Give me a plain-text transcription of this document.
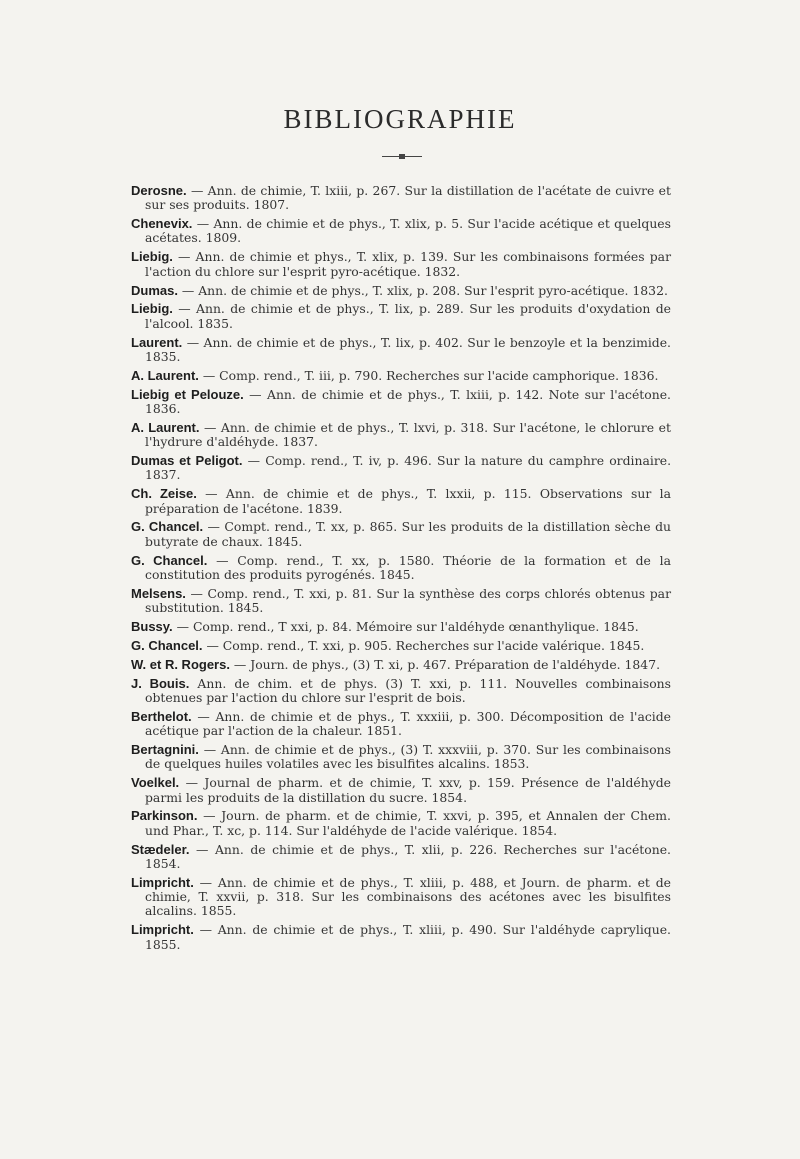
BIBLIOGRAPHIE
Derosne. — Ann. de chimie, T. lxiii, p. 267. Sur la distillation de l'acétate de cuivre et sur ses produits. 1807.
Chenevix. — Ann. de chimie et de phys., T. xlix, p. 5. Sur l'acide acétique et quelques acétates. 1809.
Liebig. — Ann. de chimie et phys., T. xlix, p. 139. Sur les combinaisons formées par l'action du chlore sur l'esprit pyro-acétique. 1832.
Dumas. — Ann. de chimie et de phys., T. xlix, p. 208. Sur l'esprit pyro-acétique. 1832.
Liebig. — Ann. de chimie et de phys., T. lix, p. 289. Sur les produits d'oxydation de l'alcool. 1835.
Laurent. — Ann. de chimie et de phys., T. lix, p. 402. Sur le benzoyle et la benzimide. 1835.
A. Laurent. — Comp. rend., T. iii, p. 790. Recherches sur l'acide camphorique. 1836.
Liebig et Pelouze. — Ann. de chimie et de phys., T. lxiii, p. 142. Note sur l'acétone. 1836.
A. Laurent. — Ann. de chimie et de phys., T. lxvi, p. 318. Sur l'acétone, le chlorure et l'hydrure d'aldéhyde. 1837.
Dumas et Peligot. — Comp. rend., T. iv, p. 496. Sur la nature du camphre ordinaire. 1837.
Ch. Zeise. — Ann. de chimie et de phys., T. lxxii, p. 115. Observations sur la préparation de l'acétone. 1839.
G. Chancel. — Compt. rend., T. xx, p. 865. Sur les produits de la distillation sèche du butyrate de chaux. 1845.
G. Chancel. — Comp. rend., T. xx, p. 1580. Théorie de la formation et de la constitution des produits pyrogénés. 1845.
Melsens. — Comp. rend., T. xxi, p. 81. Sur la synthèse des corps chlorés obtenus par substitution. 1845.
Bussy. — Comp. rend., T xxi, p. 84. Mémoire sur l'aldéhyde œnanthylique. 1845.
G. Chancel. — Comp. rend., T. xxi, p. 905. Recherches sur l'acide valérique. 1845.
W. et R. Rogers. — Journ. de phys., (3) T. xi, p. 467. Préparation de l'aldéhyde. 1847.
J. Bouis. Ann. de chim. et de phys. (3) T. xxi, p. 111. Nouvelles combinaisons obtenues par l'action du chlore sur l'esprit de bois.
Berthelot. — Ann. de chimie et de phys., T. xxxiii, p. 300. Décomposition de l'acide acétique par l'action de la chaleur. 1851.
Bertagnini. — Ann. de chimie et de phys., (3) T. xxxviii, p. 370. Sur les combinaisons de quelques huiles volatiles avec les bisulfites alcalins. 1853.
Voelkel. — Journal de pharm. et de chimie, T. xxv, p. 159. Présence de l'aldéhyde parmi les produits de la distillation du sucre. 1854.
Parkinson. — Journ. de pharm. et de chimie, T. xxvi, p. 395, et Annalen der Chem. und Phar., T. xc, p. 114. Sur l'aldéhyde de l'acide valérique. 1854.
Stædeler. — Ann. de chimie et de phys., T. xlii, p. 226. Recherches sur l'acétone. 1854.
Limpricht. — Ann. de chimie et de phys., T. xliii, p. 488, et Journ. de pharm. et de chimie, T. xxvii, p. 318. Sur les combinaisons des acétones avec les bisulfites alcalins. 1855.
Limpricht. — Ann. de chimie et de phys., T. xliii, p. 490. Sur l'aldéhyde caprylique. 1855.
